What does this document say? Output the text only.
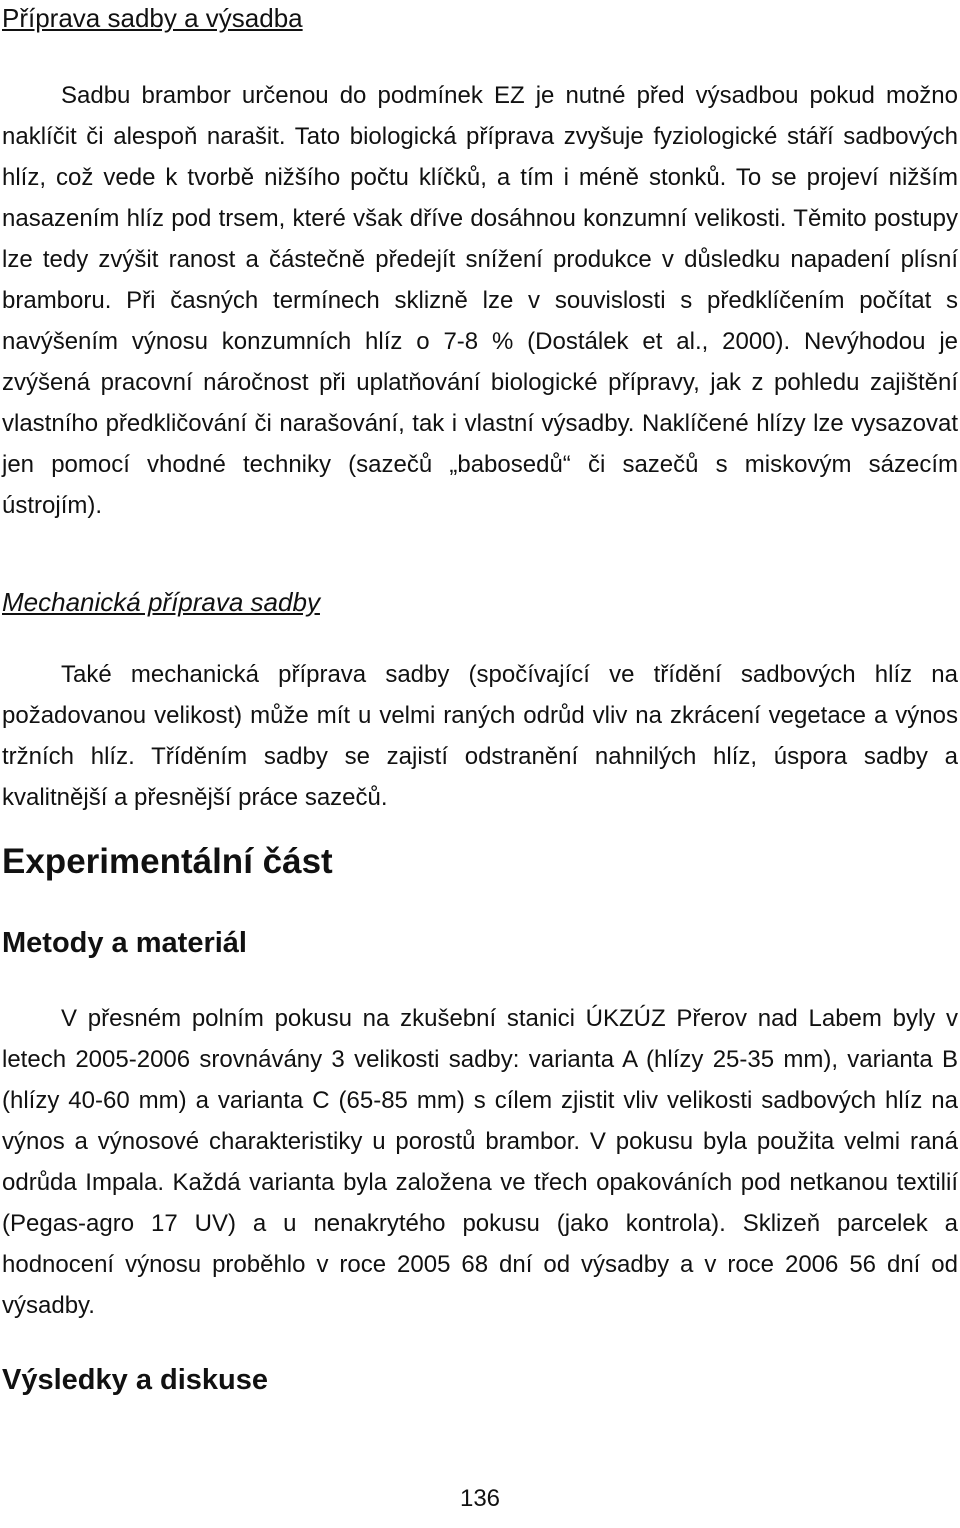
Příprava sadby a výsadba

Sadbu brambor určenou do podmínek EZ je nutné před výsadbou pokud možno naklíčit či alespoň narašit. Tato biologická příprava zvyšuje fyziologické stáří sadbových hlíz, což vede k tvorbě nižšího počtu klíčků, a tím i méně stonků. To se projeví nižším nasazením hlíz pod trsem, které však dříve dosáhnou konzumní velikosti. Těmito postupy lze tedy zvýšit ranost a částečně předejít snížení produkce v důsledku napadení plísní bramboru. Při časných termínech sklizně lze v souvislosti s předklíčením počítat s navýšením výnosu konzumních hlíz o 7-8 % (Dostálek et al., 2000). Nevýhodou je zvýšená pracovní náročnost při uplatňování biologické přípravy, jak z pohledu zajištění vlastního předkličování či narašování, tak i vlastní výsadby. Naklíčené hlízy lze vysazovat jen pomocí vhodné techniky (sazečů „babosedů“ či sazečů s miskovým sázecím ústrojím).

Mechanická příprava sadby

Také mechanická příprava sadby (spočívající ve třídění sadbových hlíz na požadovanou velikost) může mít u velmi raných odrůd vliv na zkrácení vegetace a výnos tržních hlíz. Tříděním sadby se zajistí odstranění nahnilých hlíz, úspora sadby a kvalitnější a přesnější práce sazečů.

Experimentální část
Metody a materiál

V přesném polním pokusu na zkušební stanici ÚKZÚZ Přerov nad Labem byly v letech 2005-2006 srovnávány 3 velikosti sadby: varianta A (hlízy 25-35 mm), varianta B (hlízy 40-60 mm) a varianta C (65-85 mm) s cílem zjistit vliv velikosti sadbových hlíz na výnos a výnosové charakteristiky u porostů brambor. V pokusu byla použita velmi raná odrůda Impala. Každá varianta byla založena ve třech opakováních pod netkanou textilií (Pegas-agro 17 UV) a u nenakrytého pokusu (jako kontrola). Sklizeň parcelek a hodnocení výnosu proběhlo v roce 2005 68 dní od výsadby a v roce 2006 56 dní od výsadby.

Výsledky a diskuse

136
